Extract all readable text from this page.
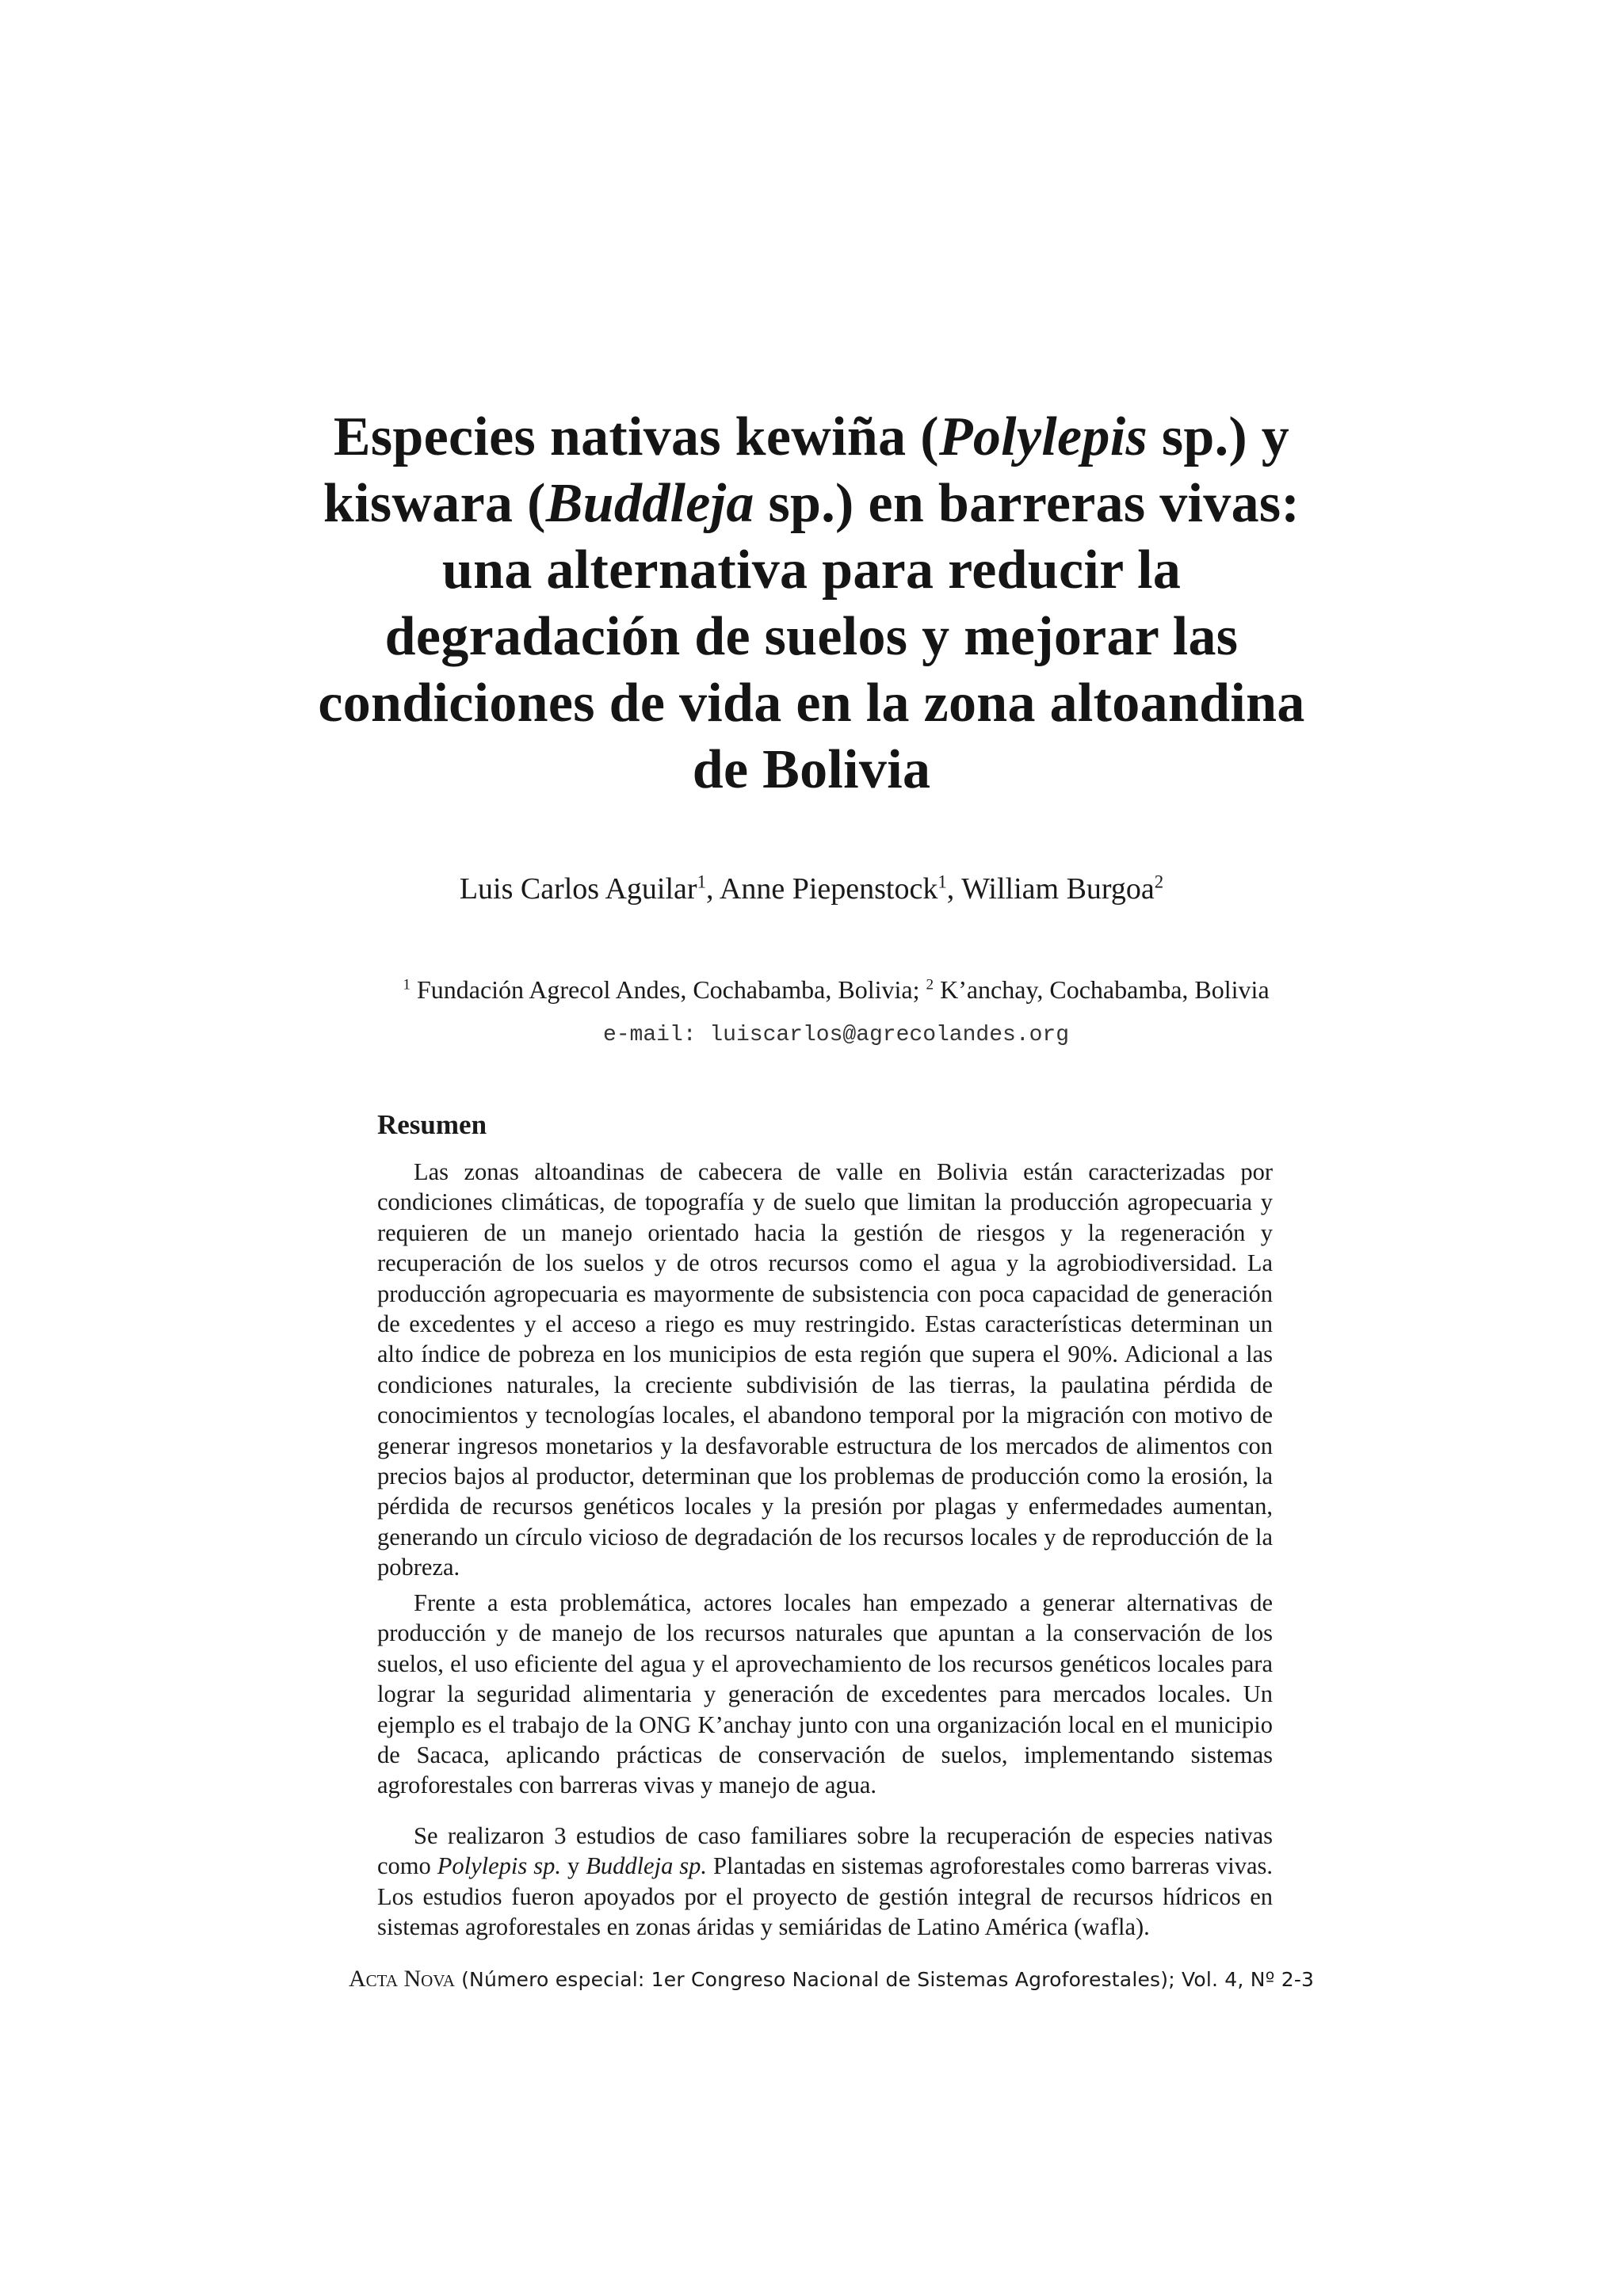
Especies nativas kewiña (Polylepis sp.) y kiswara (Buddleja sp.) en barreras vivas: una alternativa para reducir la degradación de suelos y mejorar las condiciones de vida en la zona altoandina de Bolivia
Luis Carlos Aguilar$^1$, Anne Piepenstock$^1$, William Burgoa$^2$
$^1$ Fundación Agrecol Andes, Cochabamba, Bolivia; $^2$ K’anchay, Cochabamba, Bolivia
e-mail: luiscarlos@agrecolandes.org
Resumen

Las zonas altoandinas de cabecera de valle en Bolivia están caracterizadas por condiciones climáticas, de topografía y de suelo que limitan la producción agropecuaria y requieren de un manejo orientado hacia la gestión de riesgos y la regeneración y recuperación de los suelos y de otros recursos como el agua y la agrobiodiversidad. La producción agropecuaria es mayormente de subsistencia con poca capacidad de generación de excedentes y el acceso a riego es muy restringido. Estas características determinan un alto índice de pobreza en los municipios de esta región que supera el 90%. Adicional a las condiciones naturales, la creciente subdivisión de las tierras, la paulatina pérdida de conocimientos y tecnologías locales, el abandono temporal por la migración con motivo de generar ingresos monetarios y la desfavorable estructura de los mercados de alimentos con precios bajos al productor, determinan que los problemas de producción como la erosión, la pérdida de recursos genéticos locales y la presión por plagas y enfermedades aumentan, generando un círculo vicioso de degradación de los recursos locales y de reproducción de la pobreza.

Frente a esta problemática, actores locales han empezado a generar alternativas de producción y de manejo de los recursos naturales que apuntan a la conservación de los suelos, el uso eficiente del agua y el aprovechamiento de los recursos genéticos locales para lograr la seguridad alimentaria y generación de excedentes para mercados locales. Un ejemplo es el trabajo de la ONG K’anchay junto con una organización local en el municipio de Sacaca, aplicando prácticas de conservación de suelos, implementando sistemas agroforestales con barreras vivas y manejo de agua.

Se realizaron 3 estudios de caso familiares sobre la recuperación de especies nativas como Polylepis sp. y Buddleja sp. Plantadas en sistemas agroforestales como barreras vivas. Los estudios fueron apoyados por el proyecto de gestión integral de recursos hídricos en sistemas agroforestales en zonas áridas y semiáridas de Latino América (wafla).

Acta Nova (Número especial: 1er Congreso Nacional de Sistemas Agroforestales); Vol. 4, Nº 2-3
